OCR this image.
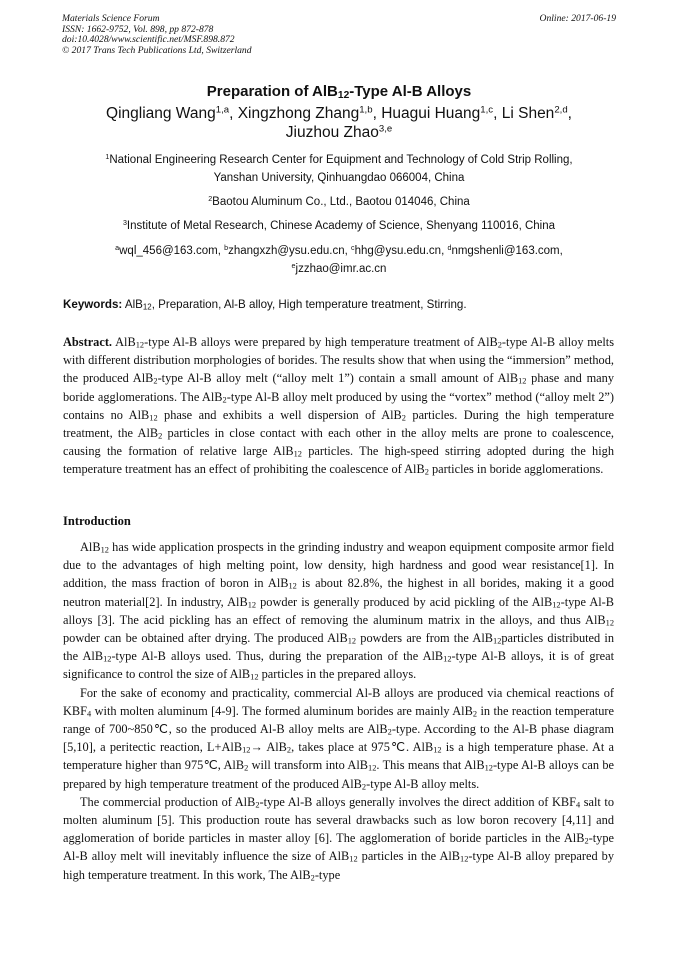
Materials Science Forum
ISSN: 1662-9752, Vol. 898, pp 872-878
doi:10.4028/www.scientific.net/MSF.898.872
© 2017 Trans Tech Publications Ltd, Switzerland
Online: 2017-06-19
Preparation of AlB$_{12}$-Type Al-B Alloys
Qingliang Wang$^{1,a}$, Xingzhong Zhang$^{1,b}$, Huagui Huang$^{1,c}$, Li Shen$^{2,d}$,
Jiuzhou Zhao$^{3,e}$
$^1$National Engineering Research Center for Equipment and Technology of Cold Strip Rolling,
Yanshan University, Qinhuangdao 066004, China
$^2$Baotou Aluminum Co., Ltd., Baotou 014046, China
$^3$Institute of Metal Research, Chinese Academy of Science, Shenyang 110016, China
$^a$wql_456@163.com, $^b$zhangxzh@ysu.edu.cn, $^c$hhg@ysu.edu.cn, $^d$nmgshenli@163.com,
$^e$jzzhao@imr.ac.cn
Keywords: AlB$_{12}$, Preparation, Al-B alloy, High temperature treatment, Stirring.

Abstract. AlB$_{12}$-type Al-B alloys were prepared by high temperature treatment of AlB$_2$-type Al-B alloy melts with different distribution morphologies of borides. The results show that when using the “immersion” method, the produced AlB$_2$-type Al-B alloy melt (“alloy melt 1”) contain a small amount of AlB$_{12}$ phase and many boride agglomerations. The AlB$_2$-type Al-B alloy melt produced by using the “vortex” method (“alloy melt 2”) contains no AlB$_{12}$ phase and exhibits a well dispersion of AlB$_2$ particles. During the high temperature treatment, the AlB$_2$ particles in close contact with each other in the alloy melts are prone to coalescence, causing the formation of relative large AlB$_{12}$ particles. The high-speed stirring adopted during the high temperature treatment has an effect of prohibiting the coalescence of AlB$_2$ particles in boride agglomerations.

Introduction

AlB$_{12}$ has wide application prospects in the grinding industry and weapon equipment composite armor field due to the advantages of high melting point, low density, high hardness and good wear resistance[1]. In addition, the mass fraction of boron in AlB$_{12}$ is about 82.8%, the highest in all borides, making it a good neutron material[2]. In industry, AlB$_{12}$ powder is generally produced by acid pickling of the AlB$_{12}$-type Al-B alloys [3]. The acid pickling has an effect of removing the aluminum matrix in the alloys, and thus AlB$_{12}$ powder can be obtained after drying. The produced AlB$_{12}$ powders are from the AlB$_{12}$particles distributed in the AlB$_{12}$-type Al-B alloys used. Thus, during the preparation of the AlB$_{12}$-type Al-B alloys, it is of great significance to control the size of AlB$_{12}$ particles in the prepared alloys.

For the sake of economy and practicality, commercial Al-B alloys are produced via chemical reactions of $KBF_4$ with molten aluminum [4-9]. The formed aluminum borides are mainly AlB$_2$ in the reaction temperature range of 700~850℃, so the produced Al-B alloy melts are AlB$_2$-type. According to the Al-B phase diagram [5,10], a peritectic reaction, L+AlB$_{12}$→ AlB$_2$, takes place at 975℃. AlB$_{12}$ is a high temperature phase. At a temperature higher than 975℃, AlB$_2$ will transform into AlB$_{12}$. This means that AlB$_{12}$-type Al-B alloys can be prepared by high temperature treatment of the produced AlB$_2$-type Al-B alloy melts.

The commercial production of AlB$_2$-type Al-B alloys generally involves the direct addition of $KBF_4$ salt to molten aluminum [5]. This production route has several drawbacks such as low boron recovery [4,11] and agglomeration of boride particles in master alloy [6]. The agglomeration of boride particles in the AlB$_2$-type Al-B alloy melt will inevitably influence the size of AlB$_{12}$ particles in the AlB$_{12}$-type Al-B alloy prepared by high temperature treatment. In this work, The AlB$_2$-type
